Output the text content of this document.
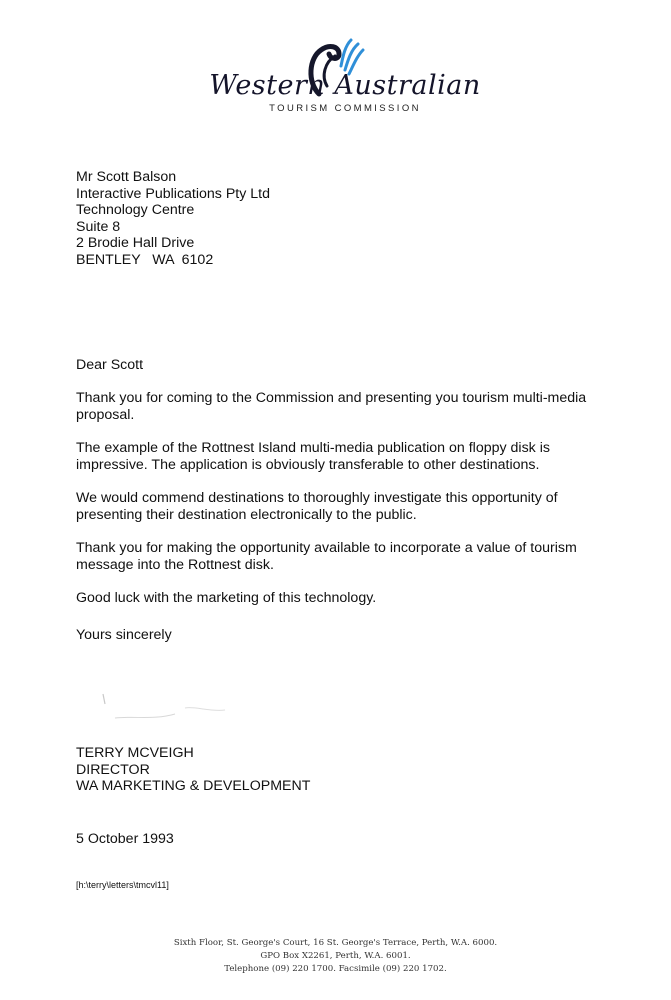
Western Australian
TOURISM COMMISSION
Mr Scott Balson
Interactive Publications Pty Ltd
Technology Centre
Suite 8
2 Brodie Hall Drive
BENTLEY   WA  6102
Dear Scott

Thank you for coming to the Commission and presenting you tourism multi-media proposal.

The example of the Rottnest Island multi-media publication on floppy disk is impressive. The application is obviously transferable to other destinations.

We would commend destinations to thoroughly investigate this opportunity of presenting their destination electronically to the public.

Thank you for making the opportunity available to incorporate a value of tourism message into the Rottnest disk.

Good luck with the marketing of this technology.

Yours sincerely
TERRY MCVEIGH
DIRECTOR
WA MARKETING & DEVELOPMENT
5 October 1993
[h:\terry\letters\tmcvl11]
Sixth Floor, St. George's Court, 16 St. George's Terrace, Perth, W.A. 6000.
GPO Box X2261, Perth, W.A. 6001.
Telephone (09) 220 1700. Facsimile (09) 220 1702.
